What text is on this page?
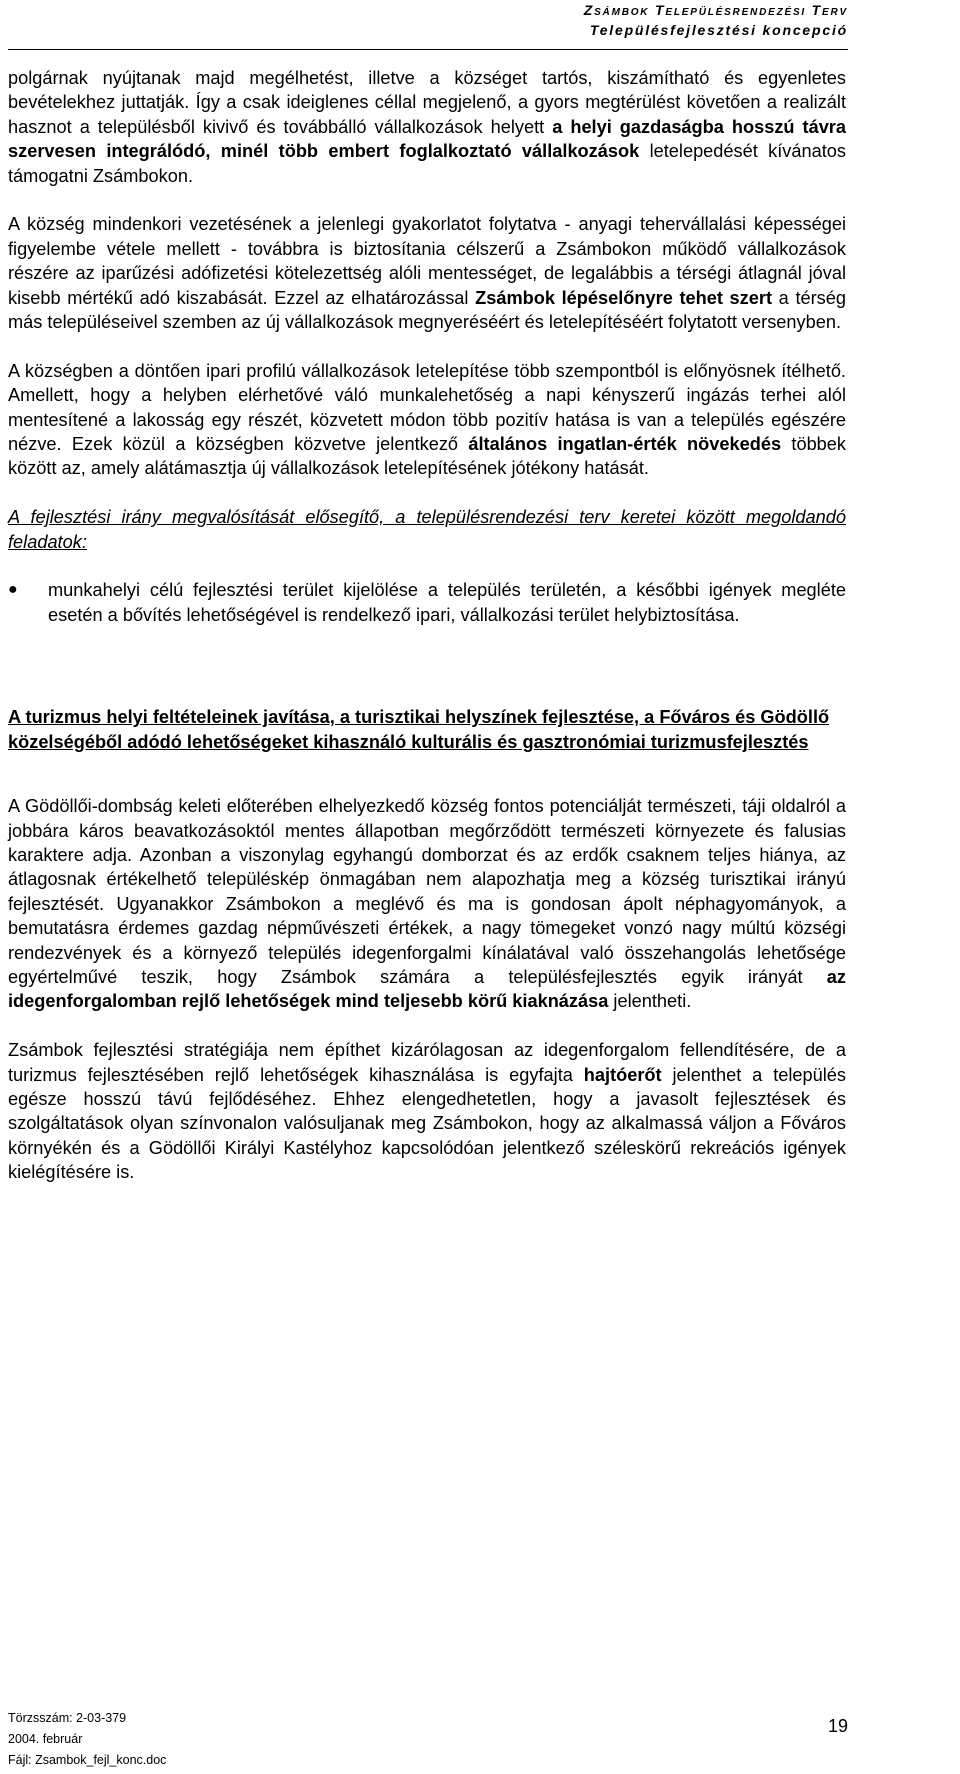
Zsámbok Településrendezési Terv
Településfejlesztési koncepció

polgárnak nyújtanak majd megélhetést, illetve a községet tartós, kiszámítható és egyenletes bevételekhez juttatják. Így a csak ideiglenes céllal megjelenő, a gyors megtérülést követően a realizált hasznot a településből kivivő és továbbálló vállalkozások helyett a helyi gazdaságba hosszú távra szervesen integrálódó, minél több embert foglalkoztató vállalkozások letelepedését kívánatos támogatni Zsámbokon.

A község mindenkori vezetésének a jelenlegi gyakorlatot folytatva - anyagi tehervállalási képességei figyelembe vétele mellett - továbbra is biztosítania célszerű a Zsámbokon működő vállalkozások részére az iparűzési adófizetési kötelezettség alóli mentességet, de legalábbis a térségi átlagnál jóval kisebb mértékű adó kiszabását. Ezzel az elhatározással Zsámbok lépéselőnyre tehet szert a térség más településeivel szemben az új vállalkozások megnyeréséért és letelepítéséért folytatott versenyben.

A községben a döntően ipari profilú vállalkozások letelepítése több szempontból is előnyösnek ítélhető. Amellett, hogy a helyben elérhetővé váló munkalehetőség a napi kényszerű ingázás terhei alól mentesítené a lakosság egy részét, közvetett módon több pozitív hatása is van a település egészére nézve. Ezek közül a községben közvetve jelentkező általános ingatlan-érték növekedés többek között az, amely alátámasztja új vállalkozások letelepítésének jótékony hatását.

A fejlesztési irány megvalósítását elősegítő, a településrendezési terv keretei között megoldandó feladatok:

●	munkahelyi célú fejlesztési terület kijelölése a település területén, a későbbi igények megléte esetén a bővítés lehetőségével is rendelkező ipari, vállalkozási terület helybiztosítása.

A turizmus helyi feltételeinek javítása, a turisztikai helyszínek fejlesztése, a Főváros és Gödöllő közelségéből adódó lehetőségeket kihasználó kulturális és gasztronómiai turizmusfejlesztés

A Gödöllői-dombság keleti előterében elhelyezkedő község fontos potenciálját természeti, táji oldalról a jobbára káros beavatkozásoktól mentes állapotban megőrződött természeti környezete és falusias karaktere adja. Azonban a viszonylag egyhangú domborzat és az erdők csaknem teljes hiánya, az átlagosnak értékelhető településkép önmagában nem alapozhatja meg a község turisztikai irányú fejlesztését. Ugyanakkor Zsámbokon a meglévő és ma is gondosan ápolt néphagyományok, a bemutatásra érdemes gazdag népművészeti értékek, a nagy tömegeket vonzó nagy múltú községi rendezvények és a környező település idegenforgalmi kínálatával való összehangolás lehetősége egyértelművé teszik, hogy Zsámbok számára a településfejlesztés egyik irányát az idegenforgalomban rejlő lehetőségek mind teljesebb körű kiaknázása jelentheti.

Zsámbok fejlesztési stratégiája nem építhet kizárólagosan az idegenforgalom fellendítésére, de a turizmus fejlesztésében rejlő lehetőségek kihasználása is egyfajta hajtóerőt jelenthet a település egésze hosszú távú fejlődéséhez. Ehhez elengedhetetlen, hogy a javasolt fejlesztések és szolgáltatások olyan színvonalon valósuljanak meg Zsámbokon, hogy az alkalmassá váljon a Főváros környékén és a Gödöllői Királyi Kastélyhoz kapcsolódóan jelentkező széleskörű rekreációs igények kielégítésére is.

Törzsszám: 2-03-379
2004. február
Fájl: Zsambok_fejl_konc.doc
19
